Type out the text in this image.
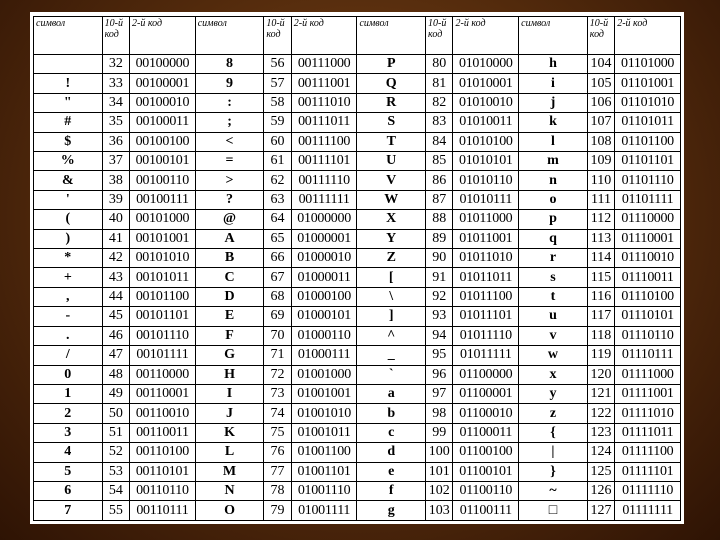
символ	10-й код	2-й код	символ	10-й код	2-й код	символ	10-й код	2-й код	символ	10-й код	2-й код
	32	00100000	8	56	00111000	P	80	01010000	h	104	01101000
!	33	00100001	9	57	00111001	Q	81	01010001	i	105	01101001
"	34	00100010	:	58	00111010	R	82	01010010	j	106	01101010
#	35	00100011	;	59	00111011	S	83	01010011	k	107	01101011
$	36	00100100	<	60	00111100	T	84	01010100	l	108	01101100
%	37	00100101	=	61	00111101	U	85	01010101	m	109	01101101
&	38	00100110	>	62	00111110	V	86	01010110	n	110	01101110
'	39	00100111	?	63	00111111	W	87	01010111	o	111	01101111
(	40	00101000	@	64	01000000	X	88	01011000	p	112	01110000
)	41	00101001	A	65	01000001	Y	89	01011001	q	113	01110001
*	42	00101010	B	66	01000010	Z	90	01011010	r	114	01110010
+	43	00101011	C	67	01000011	[	91	01011011	s	115	01110011
,	44	00101100	D	68	01000100	\	92	01011100	t	116	01110100
-	45	00101101	E	69	01000101	]	93	01011101	u	117	01110101
.	46	00101110	F	70	01000110	^	94	01011110	v	118	01110110
/	47	00101111	G	71	01000111	_	95	01011111	w	119	01110111
0	48	00110000	H	72	01001000	`	96	01100000	x	120	01111000
1	49	00110001	I	73	01001001	a	97	01100001	y	121	01111001
2	50	00110010	J	74	01001010	b	98	01100010	z	122	01111010
3	51	00110011	K	75	01001011	c	99	01100011	{	123	01111011
4	52	00110100	L	76	01001100	d	100	01100100	|	124	01111100
5	53	00110101	M	77	01001101	e	101	01100101	}	125	01111101
6	54	00110110	N	78	01001110	f	102	01100110	~	126	01111110
7	55	00110111	O	79	01001111	g	103	01100111	□	127	01111111
